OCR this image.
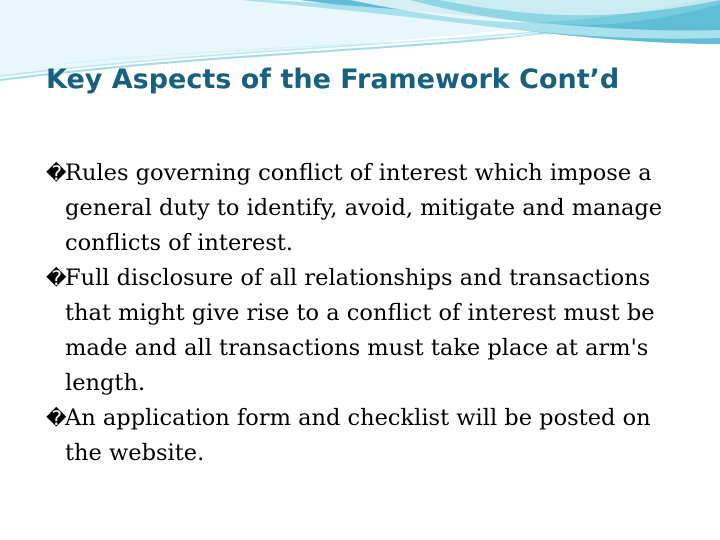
Key Aspects of the Framework Cont’d
�
Rules governing conflict of interest which impose a general duty to identify, avoid, mitigate and manage conflicts of interest.
�
Full disclosure of all relationships and transactions that might give rise to a conflict of interest must be made and all transactions must take place at arm's length.
�
An application form and checklist will be posted on the website.
